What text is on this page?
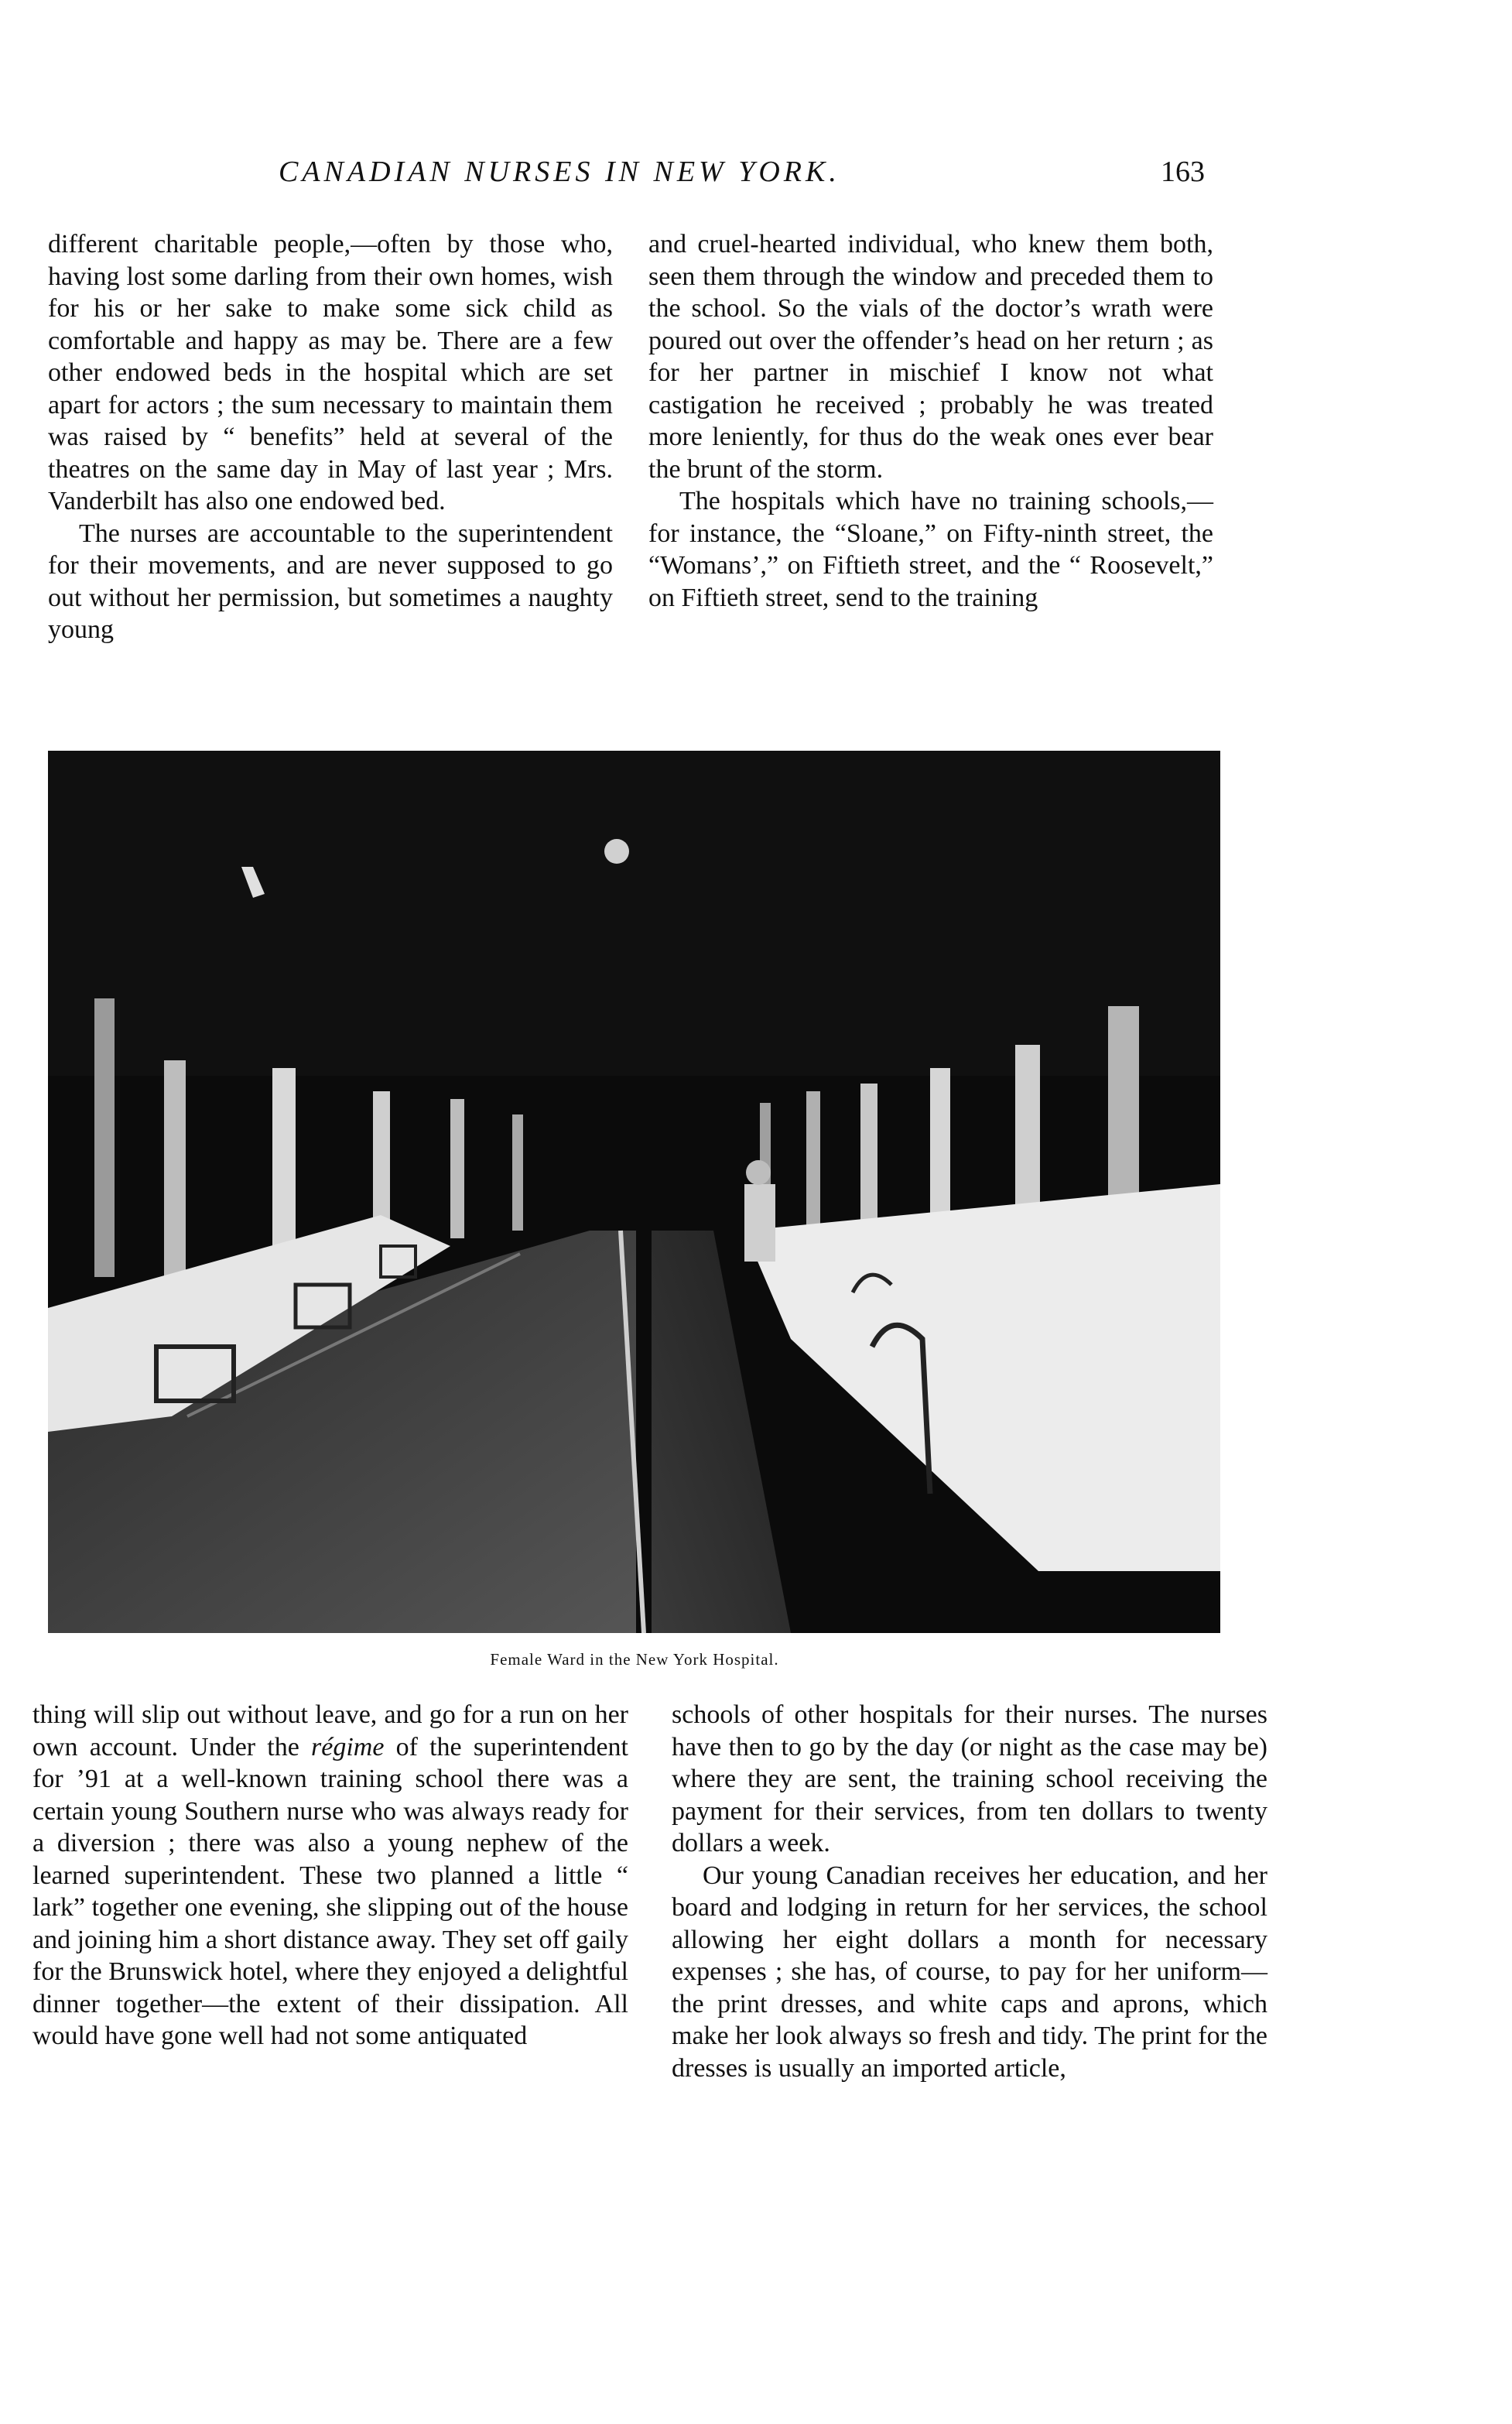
CANADIAN NURSES IN NEW YORK.	163

different charitable people,—often by those who, having lost some darling from their own homes, wish for his or her sake to make some sick child as comfortable and happy as may be. There are a few other endowed beds in the hospital which are set apart for actors ; the sum necessary to maintain them was raised by “ benefits” held at several of the theatres on the same day in May of last year ; Mrs. Vanderbilt has also one endowed bed.

The nurses are accountable to the superintendent for their movements, and are never supposed to go out without her permission, but sometimes a naughty young

and cruel-hearted individual, who knew them both, seen them through the window and preceded them to the school. So the vials of the doctor’s wrath were poured out over the offender’s head on her return ; as for her partner in mischief I know not what castigation he received ; probably he was treated more leniently, for thus do the weak ones ever bear the brunt of the storm.

The hospitals which have no training schools,—for instance, the “Sloane,” on Fifty-ninth street, the “Womans’,” on Fiftieth street, and the “ Roosevelt,” on Fiftieth street, send to the training

Female Ward in the New York Hospital.

thing will slip out without leave, and go for a run on her own account. Under the régime of the superintendent for ’91 at a well-known training school there was a certain young Southern nurse who was always ready for a diversion ; there was also a young nephew of the learned superintendent. These two planned a little “ lark” together one evening, she slipping out of the house and joining him a short distance away. They set off gaily for the Brunswick hotel, where they enjoyed a delightful dinner together—the extent of their dissipation. All would have gone well had not some antiquated

schools of other hospitals for their nurses. The nurses have then to go by the day (or night as the case may be) where they are sent, the training school receiving the payment for their services, from ten dollars to twenty dollars a week.

Our young Canadian receives her education, and her board and lodging in return for her services, the school allowing her eight dollars a month for necessary expenses ; she has, of course, to pay for her uniform—the print dresses, and white caps and aprons, which make her look always so fresh and tidy. The print for the dresses is usually an imported article,
